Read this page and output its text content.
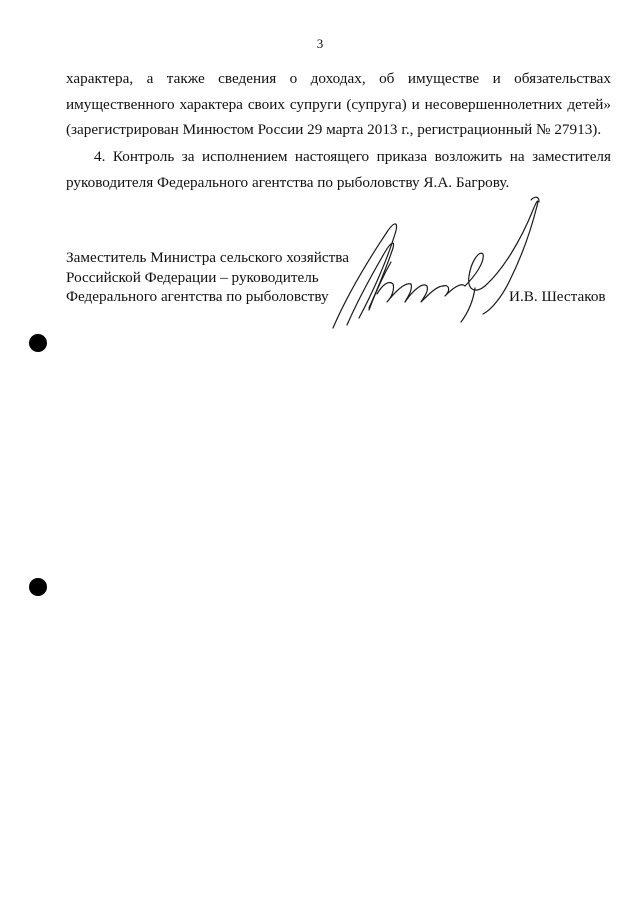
3
характера, а также сведения о доходах, об имуществе и обязательствах
имущественного характера своих супруги (супруга) и несовершеннолетних детей»
(зарегистрирован Минюстом России 29 марта 2013 г., регистрационный № 27913).
4. Контроль за исполнением настоящего приказа возложить на заместителя
руководителя Федерального агентства по рыболовству Я.А. Багрову.
Заместитель Министра сельского хозяйства
Российской Федерации – руководитель
Федерального агентства по рыболовству	И.В. Шестаков
